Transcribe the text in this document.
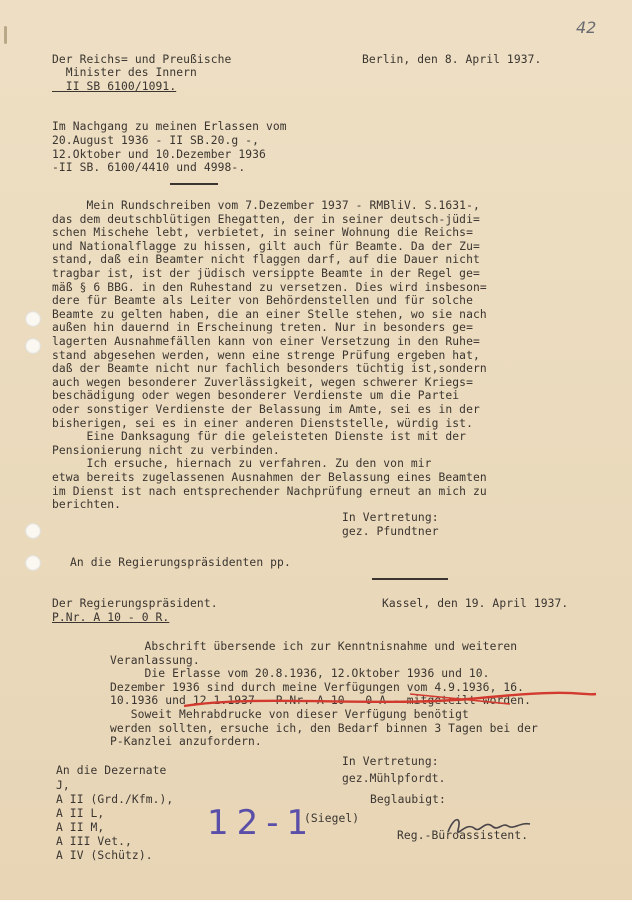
42
Der Reichs= und Preußische
Minister des Innern
II SB 6100/1091.
Berlin, den 8. April 1937.
Im Nachgang zu meinen Erlassen vom
20.August 1936 - II SB.20.g -,
12.Oktober und 10.Dezember 1936
-II SB. 6100/4410 und 4998-.
Mein Rundschreiben vom 7.Dezember 1937 - RMBliV. S.1631-,
das dem deutschblütigen Ehegatten, der in seiner deutsch-jüdi=
schen Mischehe lebt, verbietet, in seiner Wohnung die Reichs=
und Nationalflagge zu hissen, gilt auch für Beamte. Da der Zu=
stand, daß ein Beamter nicht flaggen darf, auf die Dauer nicht
tragbar ist, ist der jüdisch versippte Beamte in der Regel ge=
mäß § 6 BBG. in den Ruhestand zu versetzen. Dies wird insbeson=
dere für Beamte als Leiter von Behördenstellen und für solche
Beamte zu gelten haben, die an einer Stelle stehen, wo sie nach
außen hin dauernd in Erscheinung treten. Nur in besonders ge=
lagerten Ausnahmefällen kann von einer Versetzung in den Ruhe=
stand abgesehen werden, wenn eine strenge Prüfung ergeben hat,
daß der Beamte nicht nur fachlich besonders tüchtig ist,sondern
auch wegen besonderer Zuverlässigkeit, wegen schwerer Kriegs=
beschädigung oder wegen besonderer Verdienste um die Partei
oder sonstiger Verdienste der Belassung im Amte, sei es in der
bisherigen, sei es in einer anderen Dienststelle, würdig ist.
Eine Danksagung für die geleisteten Dienste ist mit der
Pensionierung nicht zu verbinden.
Ich ersuche, hiernach zu verfahren. Zu den von mir
etwa bereits zugelassenen Ausnahmen der Belassung eines Beamten
im Dienst ist nach entsprechender Nachprüfung erneut an mich zu
berichten.
In Vertretung:
gez. Pfundtner
An die Regierungspräsidenten pp.
Der Regierungspräsident.
P.Nr. A 10 - 0 R.
Kassel, den 19. April 1937.
Abschrift übersende ich zur Kenntnisnahme und weiteren
Veranlassung.
Die Erlasse vom 20.8.1936, 12.Oktober 1936 und 10.
Dezember 1936 sind durch meine Verfügungen vom 4.9.1936, 16.
10.1936 und 12.1.1937 - P.Nr. A 10 - 0 A - mitgeteilt worden.
Soweit Mehrabdrucke von dieser Verfügung benötigt
werden sollten, ersuche ich, den Bedarf binnen 3 Tagen bei der
P-Kanzlei anzufordern.
In Vertretung:
gez.Mühlpfordt.
An die Dezernate
J,
A II (Grd./Kfm.),
A II L,
A II M,
A III Vet.,
A IV (Schütz).
(Siegel)
12-1
Beglaubigt:
Reg.-Büroassistent.
